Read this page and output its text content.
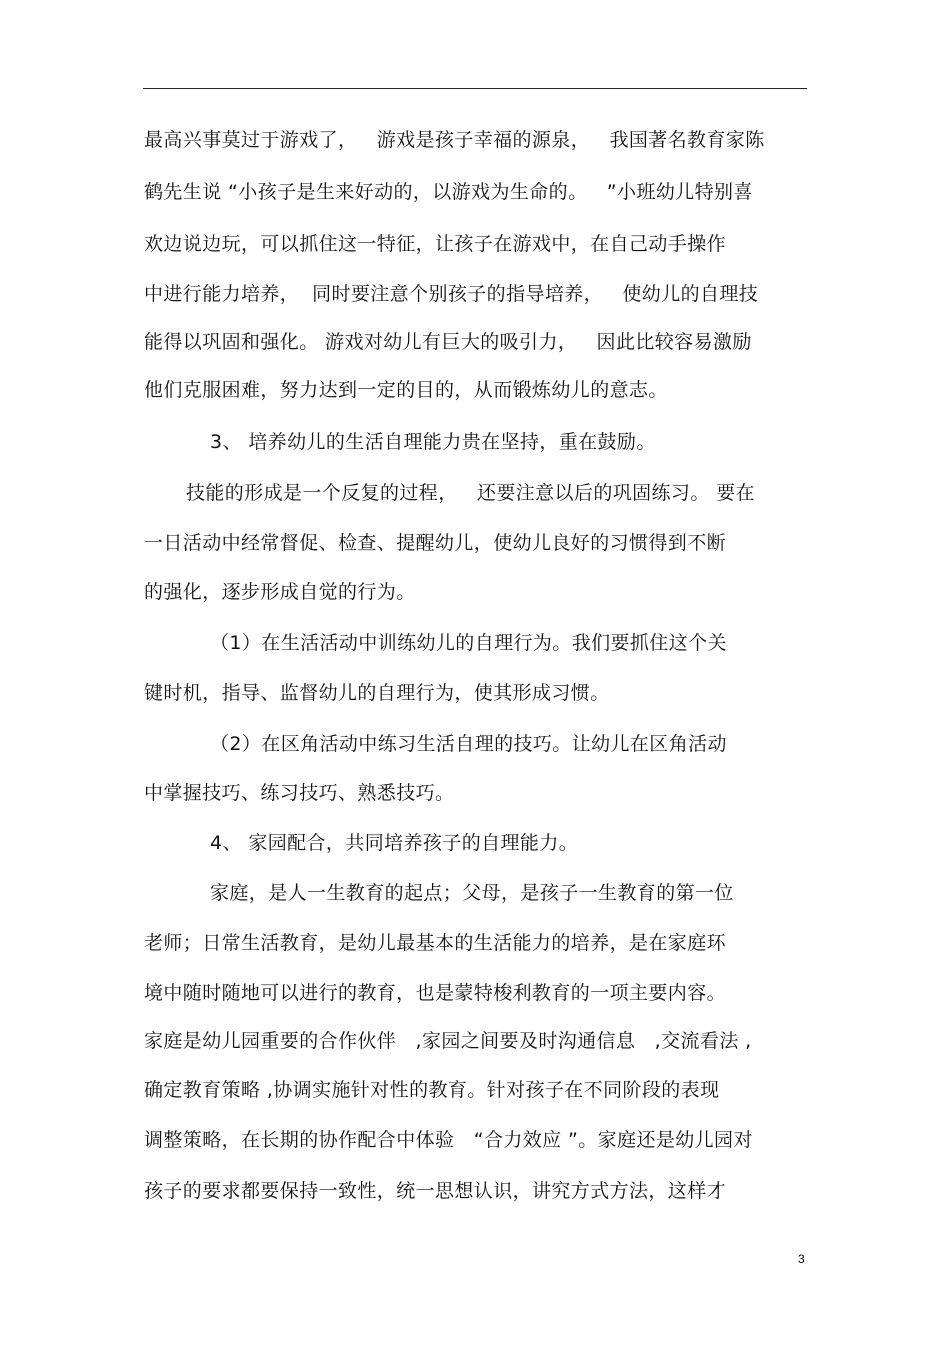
最高兴事莫过于游戏了，   游戏是孩子幸福的源泉，   我国著名教育家陈
鹤先生说 “小孩子是生来好动的，以游戏为生命的。   ”小班幼儿特别喜
欢边说边玩，可以抓住这一特征，让孩子在游戏中，在自己动手操作
中进行能力培养，  同时要注意个别孩子的指导培养，   使幼儿的自理技
能得以巩固和强化。 游戏对幼儿有巨大的吸引力，   因此比较容易激励
他们克服困难，努力达到一定的目的，从而锻炼幼儿的意志。
3、 培养幼儿的生活自理能力贵在坚持，重在鼓励。
技能的形成是一个反复的过程，   还要注意以后的巩固练习。 要在
一日活动中经常督促、检查、提醒幼儿，使幼儿良好的习惯得到不断
的强化，逐步形成自觉的行为。
（1）在生活活动中训练幼儿的自理行为。我们要抓住这个关
键时机，指导、监督幼儿的自理行为，使其形成习惯。
（2）在区角活动中练习生活自理的技巧。让幼儿在区角活动
中掌握技巧、练习技巧、熟悉技巧。
4、 家园配合，共同培养孩子的自理能力。
家庭，是人一生教育的起点；父母，是孩子一生教育的第一位
老师；日常生活教育，是幼儿最基本的生活能力的培养，是在家庭环
境中随时随地可以进行的教育，也是蒙特梭利教育的一项主要内容。
家庭是幼儿园重要的合作伙伴   ,家园之间要及时沟通信息   ,交流看法 ,
确定教育策略 ,协调实施针对性的教育。针对孩子在不同阶段的表现
调整策略，在长期的协作配合中体验   “合力效应 ”。家庭还是幼儿园对
孩子的要求都要保持一致性，统一思想认识，讲究方式方法，这样才
3
